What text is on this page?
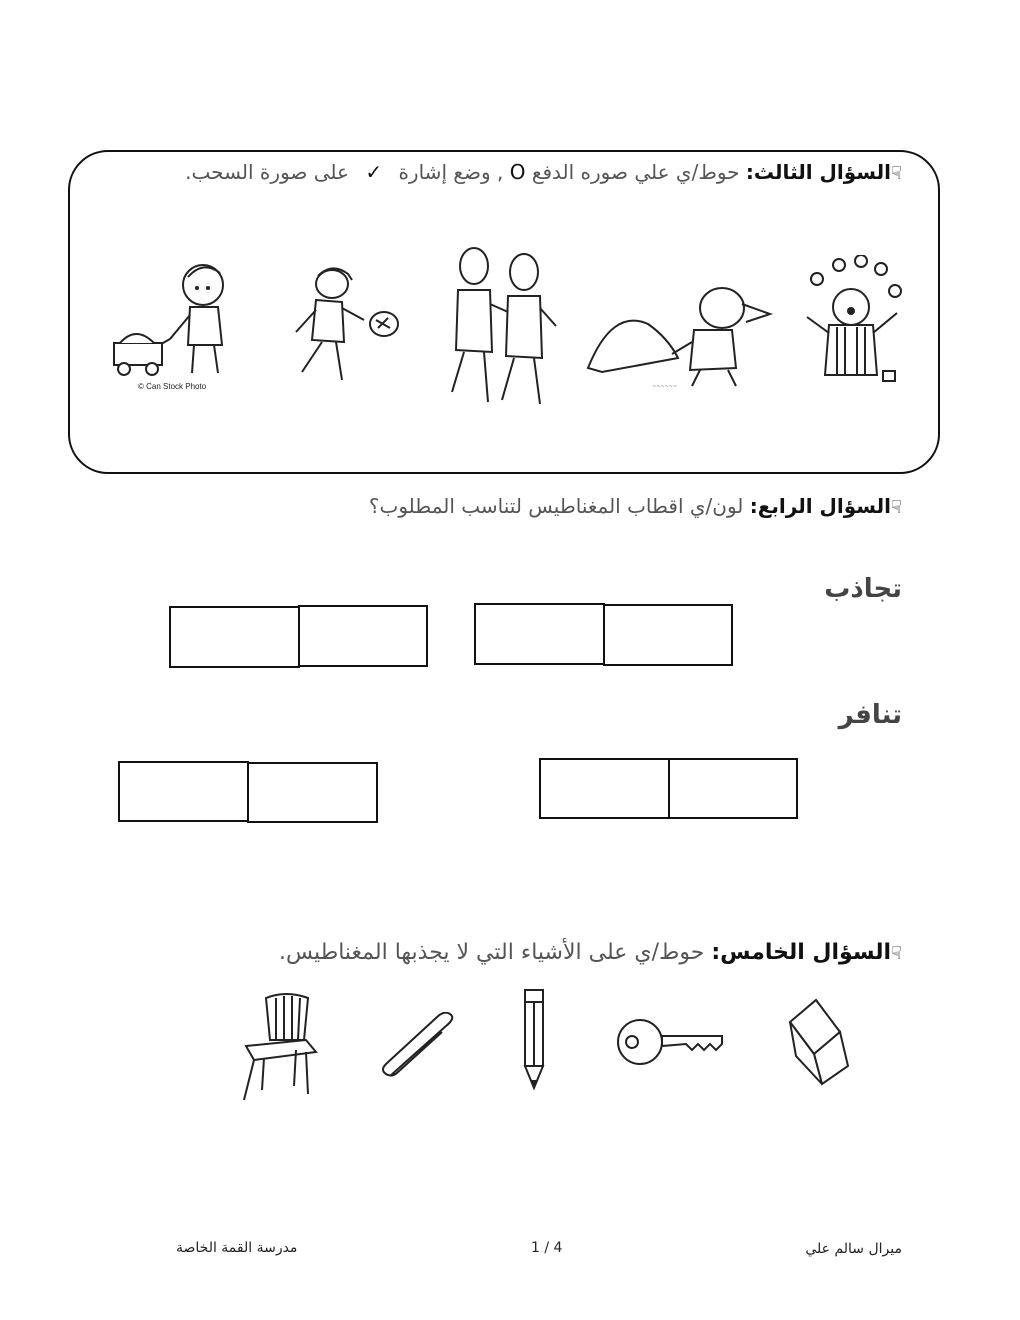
☟السؤال الثالث: حوط/ي علي صوره الدفع O , وضع إشارة ✓ على صورة السحب.
© Can Stock Photo	~~~~~~
☟السؤال الرابع: لون/ي اقطاب المغناطيس لتناسب المطلوب؟
تجاذب
تنافر
☟السؤال الخامس: حوط/ي على الأشياء التي لا يجذبها المغناطيس.
ميرال سالم علي
1 / 4
مدرسة القمة الخاصة
